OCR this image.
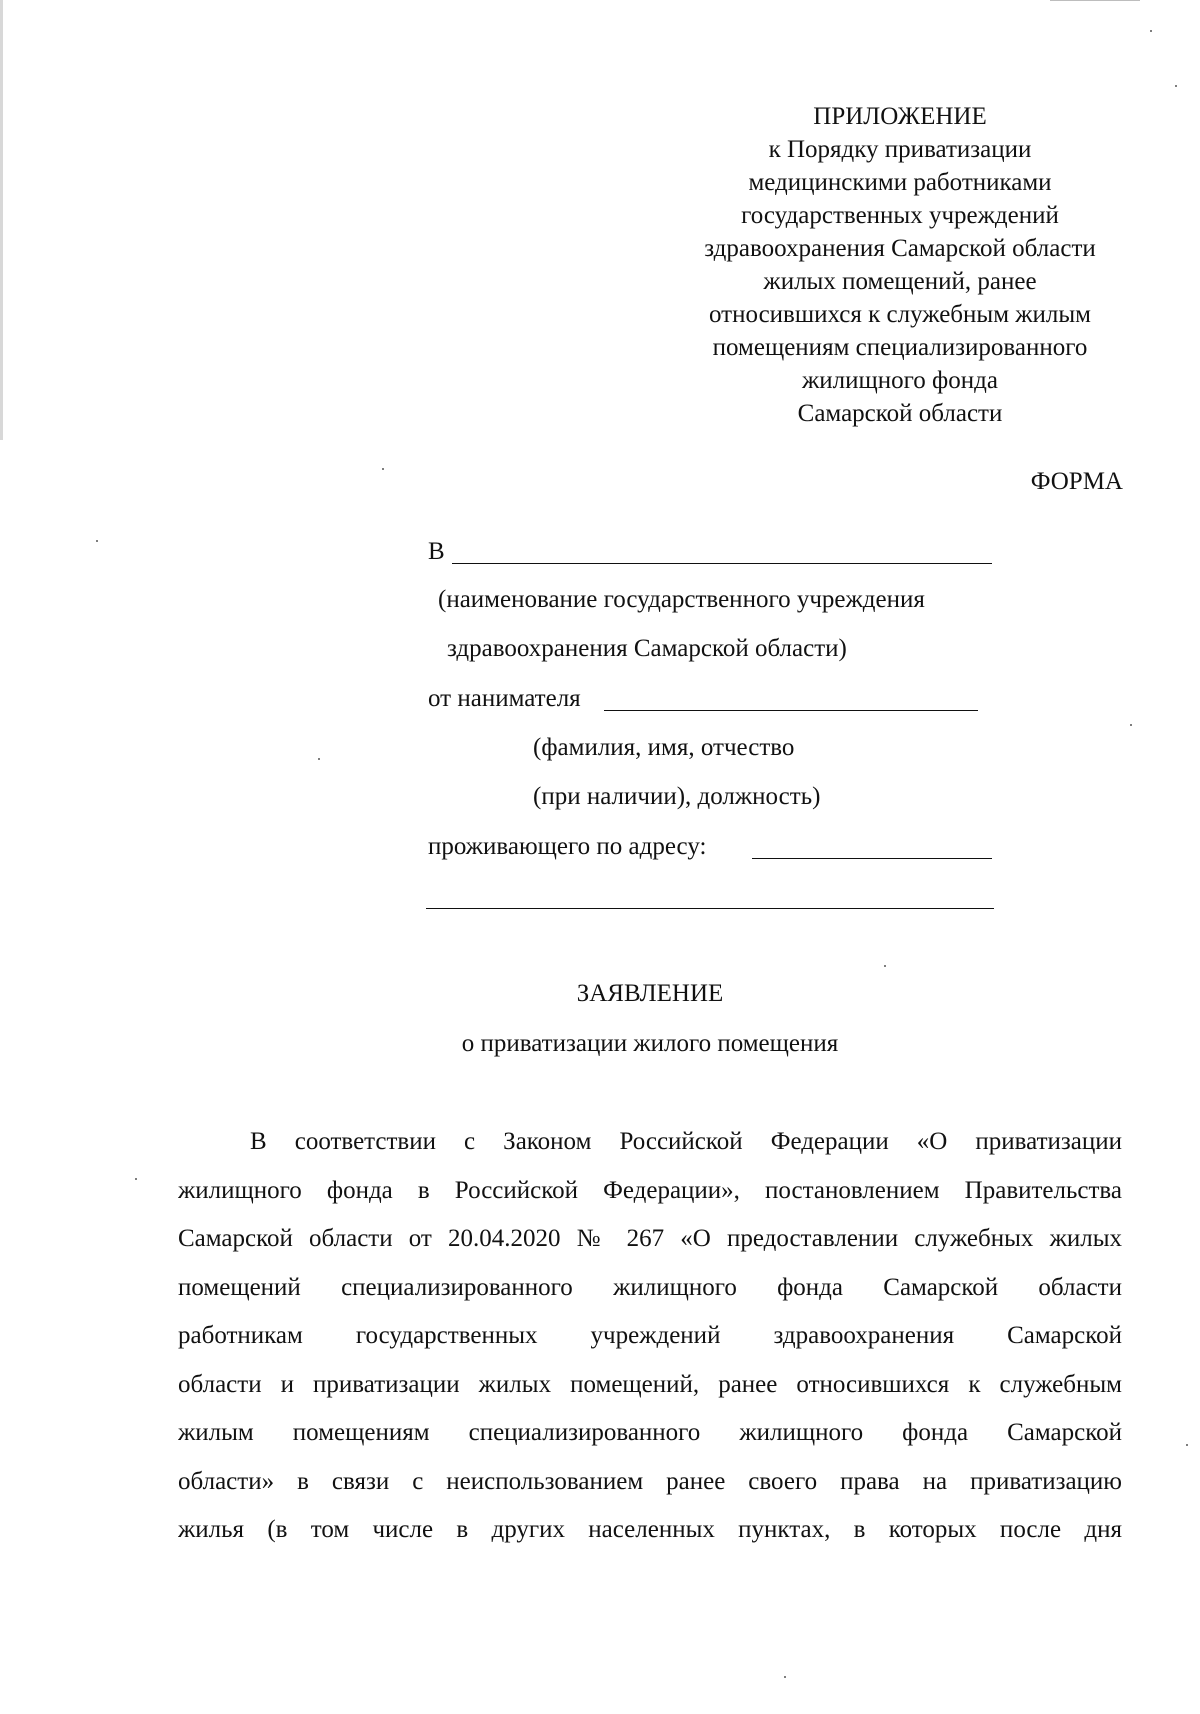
ПРИЛОЖЕНИЕ
к Порядку приватизации
медицинскими работниками
государственных учреждений
здравоохранения Самарской области
жилых помещений, ранее
относившихся к служебным жилым
помещениям специализированного
жилищного фонда
Самарской области
ФОРМА
В
(наименование государственного учреждения
здравоохранения Самарской области)
от нанимателя
(фамилия, имя, отчество
(при наличии), должность)
проживающего по адресу:
ЗАЯВЛЕНИЕ
о приватизации жилого помещения
В соответствии с Законом Российской Федерации «О приватизации
жилищного фонда в Российской Федерации», постановлением Правительства
Самарской области от 20.04.2020 № 267 «О предоставлении служебных жилых
помещений специализированного жилищного фонда Самарской области
работникам государственных учреждений здравоохранения Самарской
области и приватизации жилых помещений, ранее относившихся к служебным
жилым помещениям специализированного жилищного фонда Самарской
области» в связи с неиспользованием ранее своего права на приватизацию
жилья (в том числе в других населенных пунктах, в которых после дня
